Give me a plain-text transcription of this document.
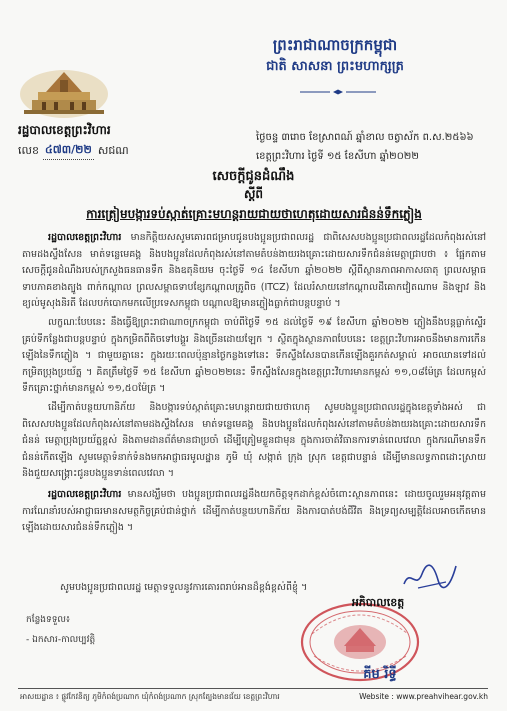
ព្រះរាជាណាចក្រកម្ពុជា
ជាតិ សាសនា ព្រះមហាក្សត្រ
រដ្ឋបាលខេត្តព្រះវិហារ
លេខ ៤៧៣/២២ សជណ
ថ្ងៃចន្ទ ៣រោច ខែស្រាពណ៍ ឆ្នាំខាល ចត្វាស័ក ព.ស.២៥៦៦
ខេត្តព្រះវិហារ ថ្ងៃទី ១៥ ខែសីហា ឆ្នាំ២០២២
សេចក្តីជូនដំណឹង
ស្តីពី
ការត្រៀមបង្ការទប់ស្កាត់គ្រោះមហន្តរាយជាយថាហេតុដោយសារជំនន់ទឹកភ្លៀង

រដ្ឋបាលខេត្តព្រះវិហារ មានកិត្តិយសសូមគោរពជម្រាបជូនបងប្អូនប្រជាពលរដ្ឋ ជាពិសេសបងប្អូនប្រជាពលរដ្ឋដែលកំពុងរស់នៅតាមដងស្ទឹងសែន មាត់ទន្លេមេគង្គ និងបងប្អូនដែលកំពុងរស់នៅតាមតំបន់ងាយរងគ្រោះដោយសារទឹកជំនន់មេត្តាជ្រាបថា ៖ ផ្អែកតាមសេចក្តីជូនដំណឹងរបស់ក្រសួងធនធានទឹក និងឧតុនិយម ចុះថ្ងៃទី ១៤ ខែសីហា ឆ្នាំ២០២២ ស្តីពីស្ថានភាពអាកាសធាតុ ព្រលសម្ពាធទាបភាគខាងត្បូង ពាក់កណ្តាល ព្រលសម្ពាធទាបខ្សែកណ្តាលត្រូពិច (ITCZ) ដែលរំសាយនៅកណ្តាលដីគោកវៀតណាម និងឡាវ និងខ្យល់មូសុងនិរតី ដែលបក់បោកមកលើប្រទេសកម្ពុជា បណ្តាលឱ្យមានភ្លៀងធ្លាក់ជាបន្តបន្ទាប់ ។

លក្ខណៈបែបនេះ នឹងធ្វើឱ្យព្រះរាជាណាចក្រកម្ពុជា ចាប់ពីថ្ងៃទី ១៥ ដល់ថ្ងៃទី ១៩ ខែសីហា ឆ្នាំ២០២២ ភ្លៀងនឹងបន្តធ្លាក់ស្ទើរគ្រប់ទីកន្លែងជាបន្តបន្ទាប់ ក្នុងកម្រិតពីតិចទៅបង្គួរ និងច្រើនដោយឡែក ។ ស្ថិតក្នុងស្ថានភាពបែបនេះ ខេត្តព្រះវិហារអាចនឹងមានការកើនឡើងនៃទឹកភ្លៀង ។ ជាមួយគ្នានេះ ក្នុងរយៈពេលប៉ុន្មានថ្ងៃកន្លងទៅនេះ ទឹកស្ទឹងសែនបានកើនឡើងគួរកត់សម្គាល់ អាចឈានទៅដល់កម្រិតប្រុងប្រយ័ត្ន ។ គិតត្រឹមថ្ងៃទី ១៥ ខែសីហា ឆ្នាំ២០២២នេះ ទឹកស្ទឹងសែនក្នុងខេត្តព្រះវិហារមានកម្ពស់ ១១,០៨ម៉ែត្រ ដែលកម្ពស់ទឹកគ្រោះថ្នាក់មានកម្ពស់ ១១,៥០ម៉ែត្រ ។

ដើម្បីកាត់បន្ថយហានិភ័យ និងបង្ការទប់ស្កាត់គ្រោះមហន្តរាយជាយថាហេតុ សូមបងប្អូនប្រជាពលរដ្ឋក្នុងខេត្តទាំងអស់ ជាពិសេសបងប្អូនដែលកំពុងរស់នៅតាមដងស្ទឹងសែន មាត់ទន្លេមេគង្គ និងបងប្អូនដែលកំពុងរស់នៅតាមតំបន់ងាយរងគ្រោះដោយសារទឹកជំនន់ មេត្តាប្រុងប្រយ័ត្នខ្ពស់ និងតាមដានព័ត៌មានជាប្រចាំ ដើម្បីត្រៀមខ្លួនជាមុន ក្នុងការចាត់វិធានការទាន់ពេលវេលា ក្នុងករណីមានទឹកជំនន់កើតឡើង សូមមេត្តាទំនាក់ទំនងមកអាជ្ញាធរមូលដ្ឋាន ភូមិ ឃុំ សង្កាត់ ក្រុង ស្រុក ខេត្តជាបន្ទាន់ ដើម្បីមានលទ្ធភាពដោះស្រាយ និងជួយសង្គ្រោះជូនបងប្អូនទាន់ពេលវេលា ។

រដ្ឋបាលខេត្តព្រះវិហារ មានសង្ឃឹមថា បងប្អូនប្រជាពលរដ្ឋនឹងយកចិត្តទុកដាក់ខ្ពស់ចំពោះស្ថានភាពនេះ ដោយចូលរួមអនុវត្តតាមការណែនាំរបស់អាជ្ញាធរមានសមត្ថកិច្ចគ្រប់ជាន់ថ្នាក់ ដើម្បីកាត់បន្ថយហានិភ័យ និងការបាត់បង់ជីវិត និងទ្រព្យសម្បត្តិដែលអាចកើតមានឡើងដោយសារជំនន់ទឹកភ្លៀង ។

សូមបងប្អូនប្រជាពលរដ្ឋ មេត្តាទទួលនូវការគោរពរាប់អានដ៏ខ្ពង់ខ្ពស់ពីខ្ញុំ ។
អភិបាលខេត្ត
គីម រិទ្ធី
កន្លែងទទួល៖
- ឯកសារ-កាលប្បវត្តិ
អាសយដ្ឋាន ៖ ផ្លូវកែវនិត្យ ភូមិកំពង់ប្រណាក ឃុំកំពង់ប្រណាក ស្រុកត្បែងមានជ័យ ខេត្តព្រះវិហារ	Website : www.preahvihear.gov.kh
